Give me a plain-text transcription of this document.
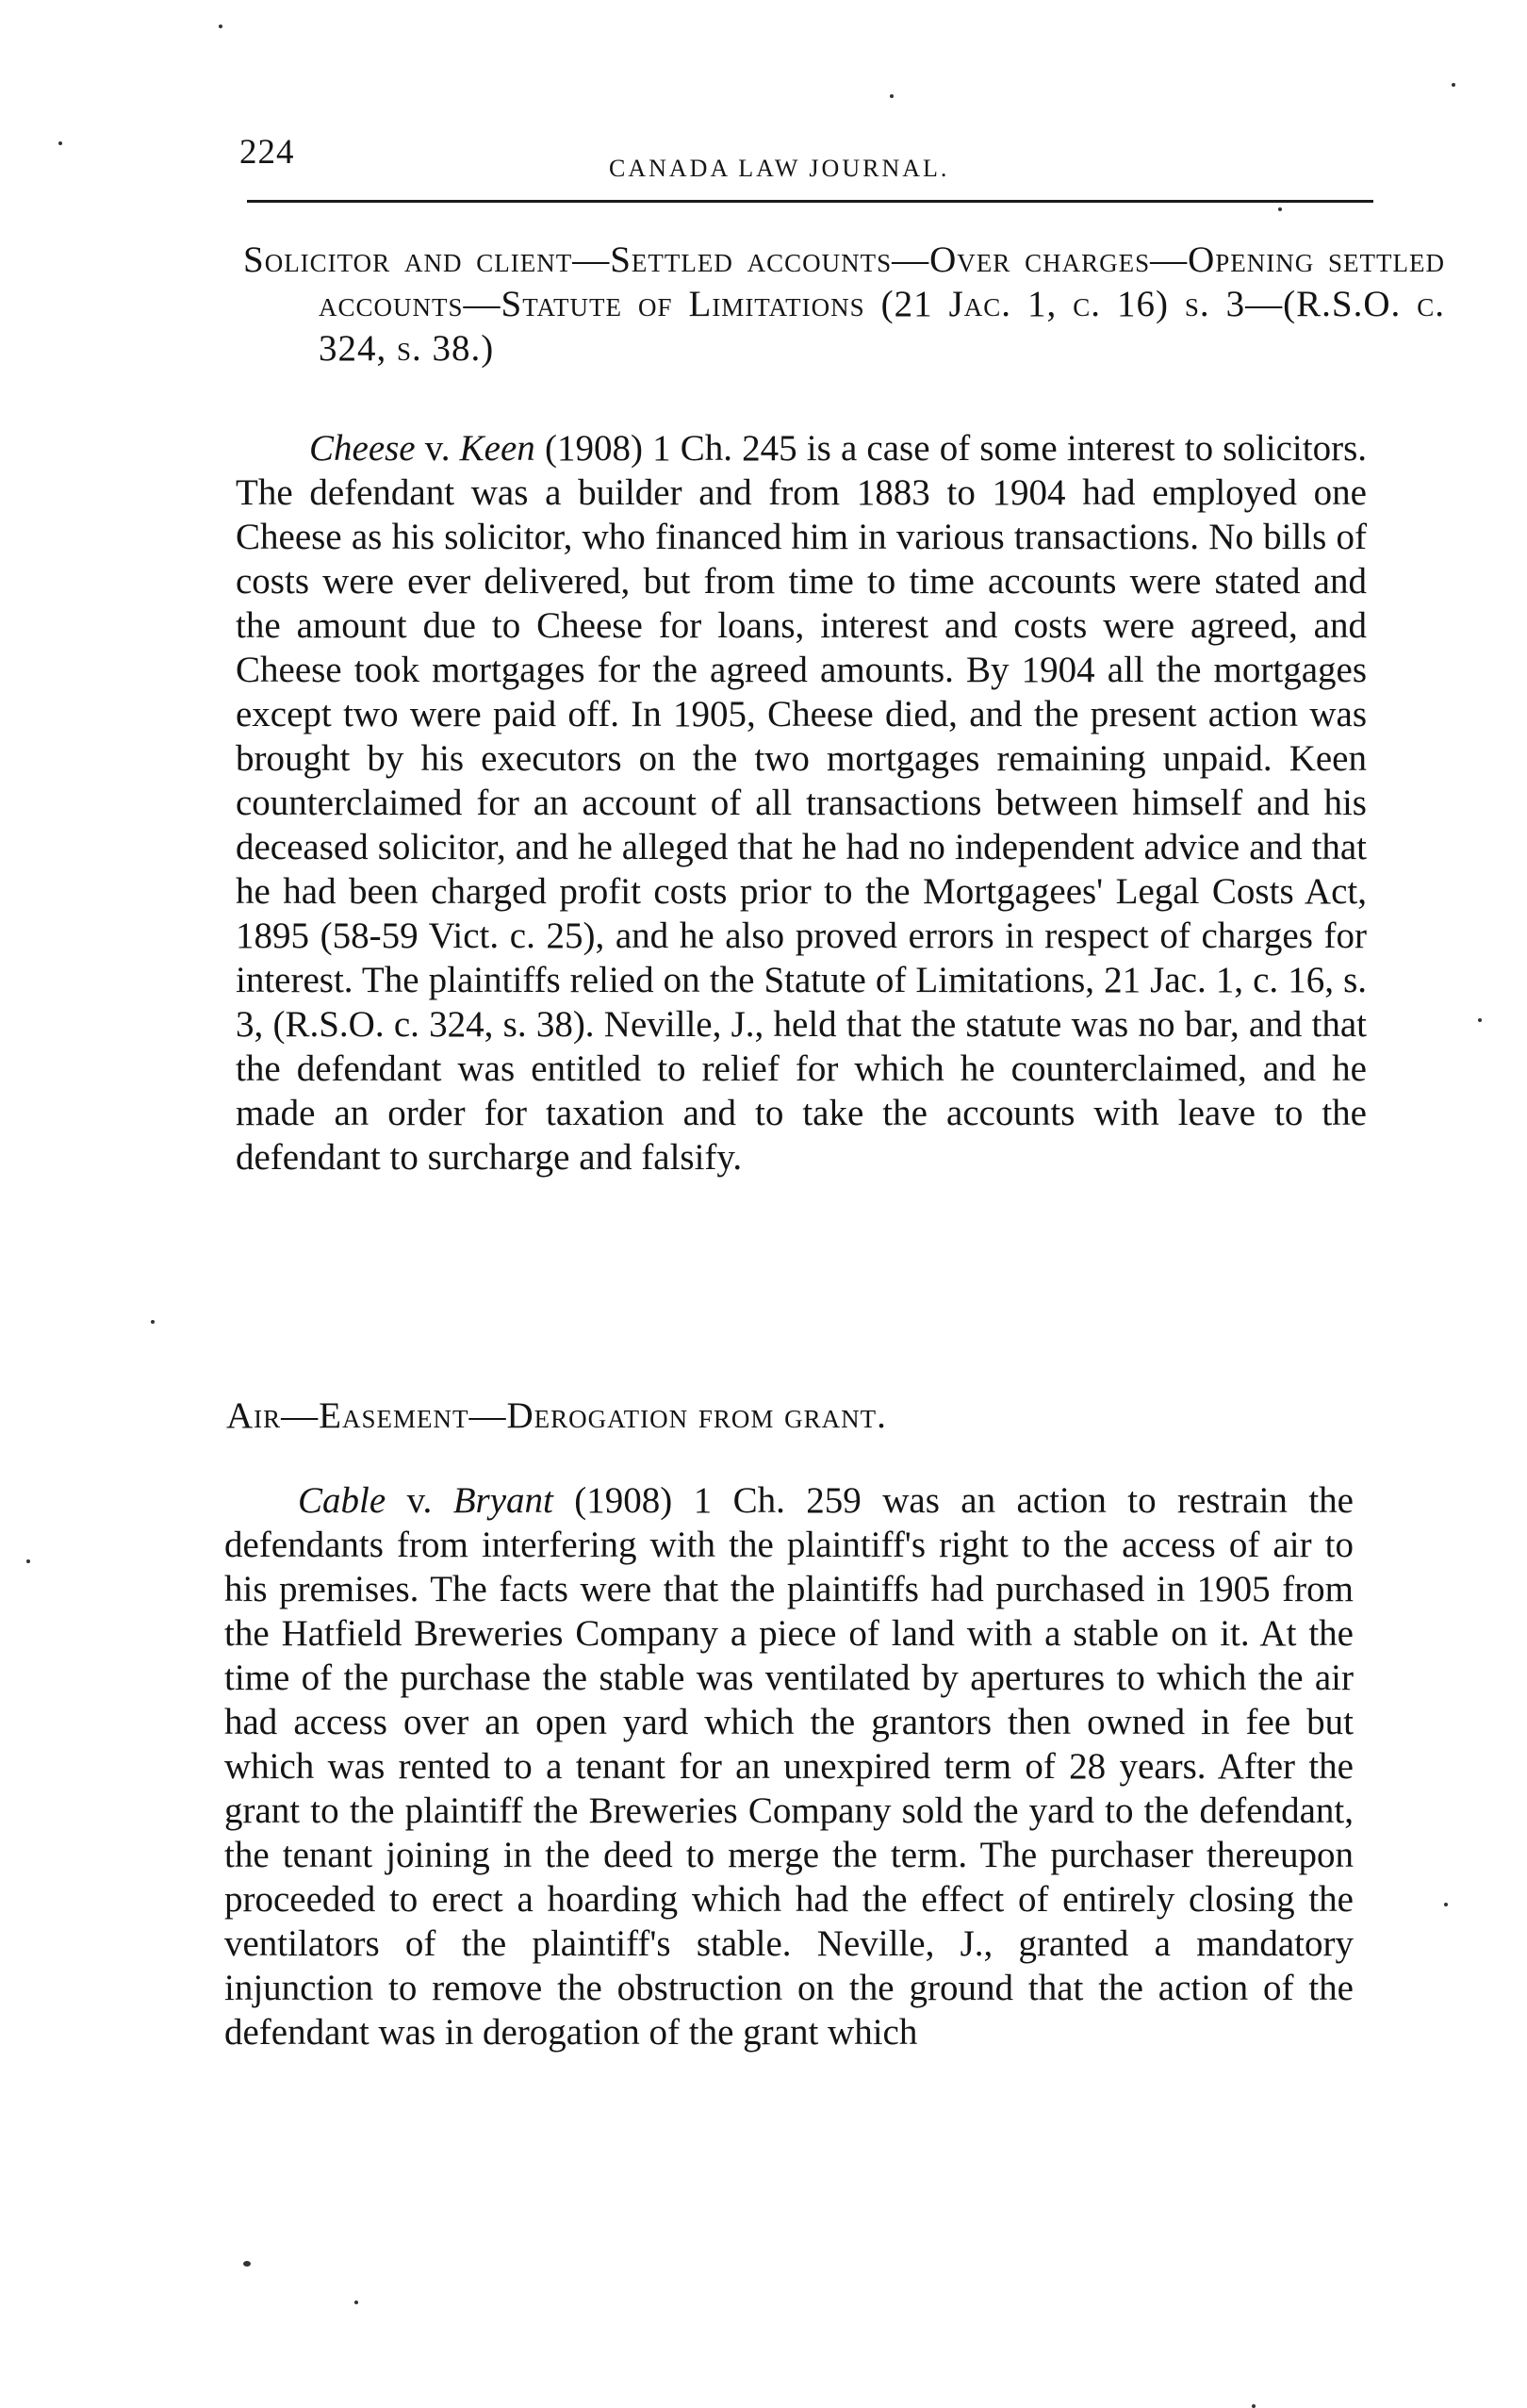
224	CANADA LAW JOURNAL.
Solicitor and client—Settled accounts—Over charges—Opening settled accounts—Statute of Limitations (21 Jac. 1, c. 16) s. 3—(R.S.O. c. 324, s. 38.)

Cheese v. Keen (1908) 1 Ch. 245 is a case of some interest to solicitors. The defendant was a builder and from 1883 to 1904 had employed one Cheese as his solicitor, who financed him in various transactions. No bills of costs were ever delivered, but from time to time accounts were stated and the amount due to Cheese for loans, interest and costs were agreed, and Cheese took mortgages for the agreed amounts. By 1904 all the mortgages except two were paid off. In 1905, Cheese died, and the present action was brought by his executors on the two mortgages remaining unpaid. Keen counterclaimed for an account of all transactions between himself and his deceased solicitor, and he alleged that he had no independent advice and that he had been charged profit costs prior to the Mortgagees' Legal Costs Act, 1895 (58-59 Vict. c. 25), and he also proved errors in respect of charges for interest. The plaintiffs relied on the Statute of Limitations, 21 Jac. 1, c. 16, s. 3, (R.S.O. c. 324, s. 38). Neville, J., held that the statute was no bar, and that the defendant was entitled to relief for which he counterclaimed, and he made an order for taxation and to take the accounts with leave to the defendant to surcharge and falsify.

Air—Easement—Derogation from grant.

Cable v. Bryant (1908) 1 Ch. 259 was an action to restrain the defendants from interfering with the plaintiff's right to the access of air to his premises. The facts were that the plaintiffs had purchased in 1905 from the Hatfield Breweries Company a piece of land with a stable on it. At the time of the purchase the stable was ventilated by apertures to which the air had access over an open yard which the grantors then owned in fee but which was rented to a tenant for an unexpired term of 28 years. After the grant to the plaintiff the Breweries Company sold the yard to the defendant, the tenant joining in the deed to merge the term. The purchaser thereupon proceeded to erect a hoarding which had the effect of entirely closing the ventilators of the plaintiff's stable. Neville, J., granted a mandatory injunction to remove the obstruction on the ground that the action of the defendant was in derogation of the grant which
